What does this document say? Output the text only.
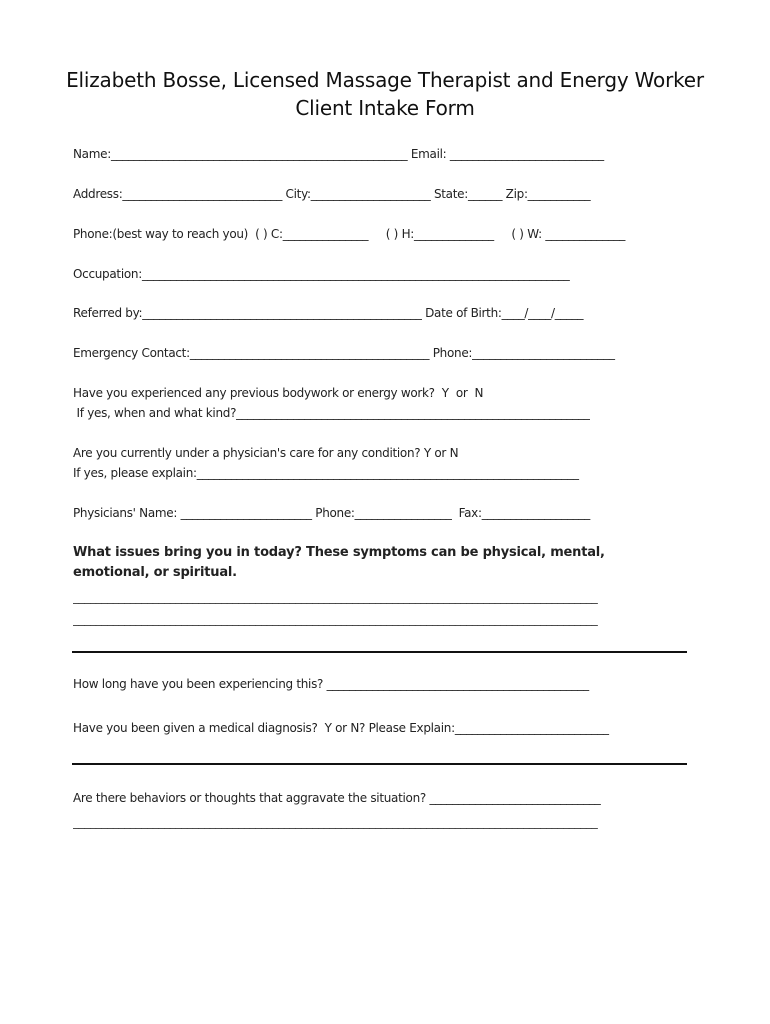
Elizabeth Bosse, Licensed Massage Therapist and Energy Worker
Client Intake Form
Name:____________________________________________________ Email: ___________________________
Address:____________________________ City:_____________________ State:______ Zip:___________
Phone:(best way to reach you)  ( ) C:_______________     ( ) H:______________     ( ) W: ______________
Occupation:___________________________________________________________________________
Referred by:_________________________________________________ Date of Birth:____/____/_____
Emergency Contact:__________________________________________ Phone:_________________________
Have you experienced any previous bodywork or energy work?  Y  or  N
If yes, when and what kind?______________________________________________________________
Are you currently under a physician's care for any condition? Y or N
If yes, please explain:___________________________________________________________________
Physicians' Name: _______________________ Phone:_________________  Fax:___________________
What issues bring you in today? These symptoms can be physical, mental, emotional, or spiritual.
____________________________________________________________________________________________
____________________________________________________________________________________________
How long have you been experiencing this? ______________________________________________
Have you been given a medical diagnosis?  Y or N? Please Explain:___________________________
Are there behaviors or thoughts that aggravate the situation? ______________________________
____________________________________________________________________________________________
